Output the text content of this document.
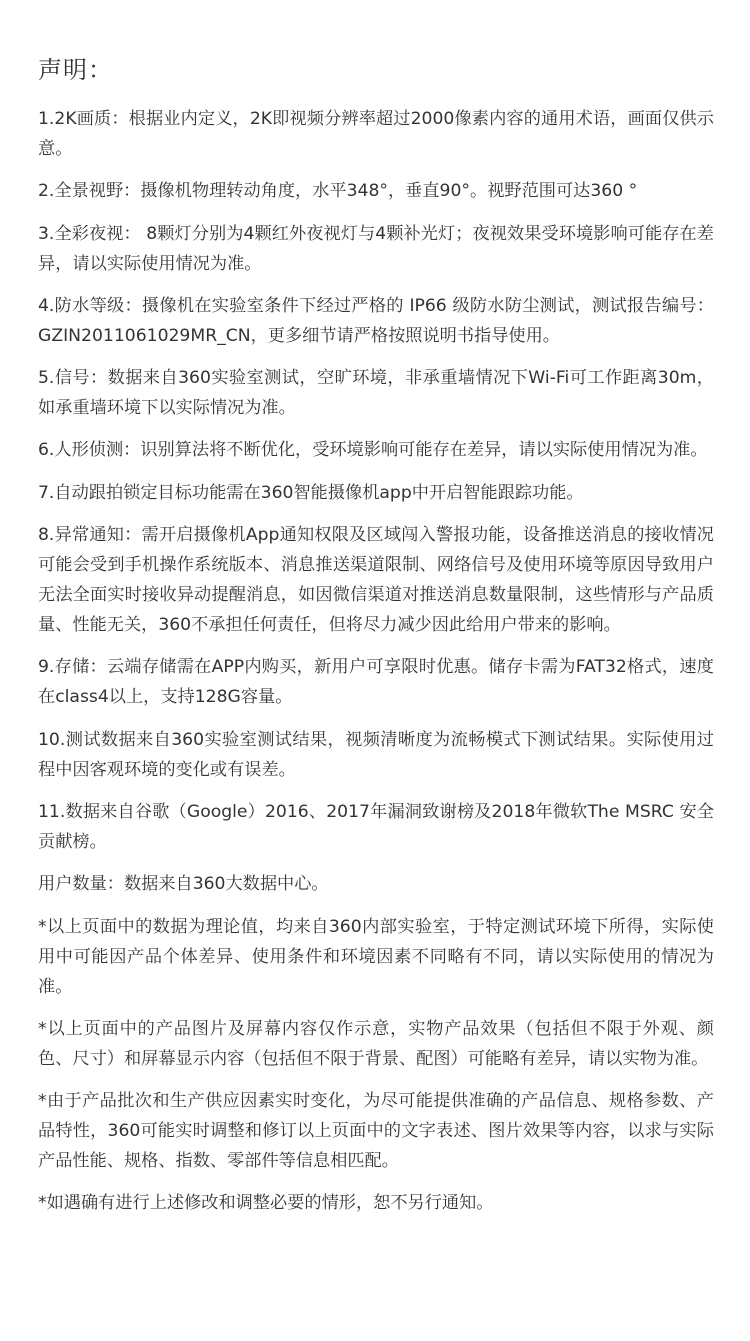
声明：

1.2K画质：根据业内定义，2K即视频分辨率超过2000像素内容的通用术语，画面仅供示意。

2.全景视野：摄像机物理转动角度，水平348°，垂直90°。视野范围可达360 °

3.全彩夜视： 8颗灯分别为4颗红外夜视灯与4颗补光灯；夜视效果受环境影响可能存在差异，请以实际使用情况为准。

4.防水等级：摄像机在实验室条件下经过严格的 IP66 级防水防尘测试，测试报告编号：GZIN2011061029MR_CN，更多细节请严格按照说明书指导使用。

5.信号：数据来自360实验室测试，空旷环境，非承重墙情况下Wi-Fi可工作距离30m，如承重墙环境下以实际情况为准。

6.人形侦测：识别算法将不断优化，受环境影响可能存在差异，请以实际使用情况为准。

7.自动跟拍锁定目标功能需在360智能摄像机app中开启智能跟踪功能。

8.异常通知：需开启摄像机App通知权限及区域闯入警报功能，设备推送消息的接收情况可能会受到手机操作系统版本、消息推送渠道限制、网络信号及使用环境等原因导致用户无法全面实时接收异动提醒消息，如因微信渠道对推送消息数量限制，这些情形与产品质量、性能无关，360不承担任何责任，但将尽力减少因此给用户带来的影响。

9.存储：云端存储需在APP内购买，新用户可享限时优惠。储存卡需为FAT32格式，速度在class4以上，支持128G容量。

10.测试数据来自360实验室测试结果，视频清晰度为流畅模式下测试结果。实际使用过程中因客观环境的变化或有误差。

11.数据来自谷歌（Google）2016、2017年漏洞致谢榜及2018年微软The MSRC 安全贡献榜。

用户数量：数据来自360大数据中心。

*以上页面中的数据为理论值，均来自360内部实验室，于特定测试环境下所得，实际使用中可能因产品个体差异、使用条件和环境因素不同略有不同，请以实际使用的情况为准。

*以上页面中的产品图片及屏幕内容仅作示意，实物产品效果（包括但不限于外观、颜色、尺寸）和屏幕显示内容（包括但不限于背景、配图）可能略有差异，请以实物为准。

*由于产品批次和生产供应因素实时变化，为尽可能提供准确的产品信息、规格参数、产品特性，360可能实时调整和修订以上页面中的文字表述、图片效果等内容，以求与实际产品性能、规格、指数、零部件等信息相匹配。

*如遇确有进行上述修改和调整必要的情形，恕不另行通知。
